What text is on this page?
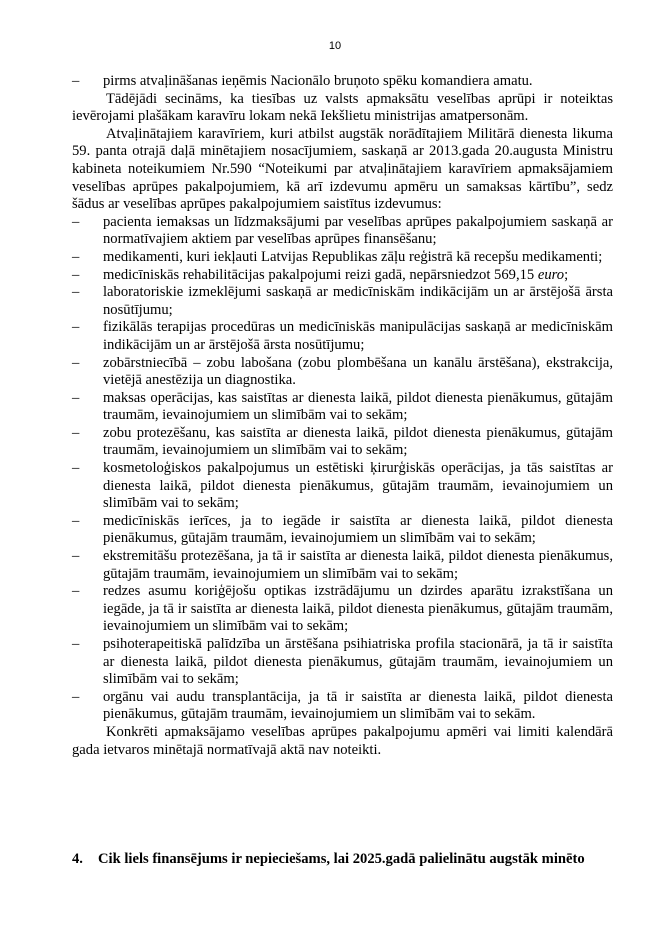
10
– pirms atvaļināšanas ieņēmis Nacionālo bruņoto spēku komandiera amatu.

Tādējādi secināms, ka tiesības uz valsts apmaksātu veselības aprūpi ir noteiktas ievērojami plašākam karavīru lokam nekā Iekšlietu ministrijas amatpersonām.

Atvaļinātajiem karavīriem, kuri atbilst augstāk norādītajiem Militārā dienesta likuma 59. panta otrajā daļā minētajiem nosacījumiem, saskaņā ar 2013.gada 20.augusta Ministru kabineta noteikumiem Nr.590 “Noteikumi par atvaļinātajiem karavīriem apmaksājamiem veselības aprūpes pakalpojumiem, kā arī izdevumu apmēru un samaksas kārtību”, sedz šādus ar veselības aprūpes pakalpojumiem saistītus izdevumus:

– pacienta iemaksas un līdzmaksājumi par veselības aprūpes pakalpojumiem saskaņā ar normatīvajiem aktiem par veselības aprūpes finansēšanu;
– medikamenti, kuri iekļauti Latvijas Republikas zāļu reģistrā kā recepšu medikamenti;
– medicīniskās rehabilitācijas pakalpojumi reizi gadā, nepārsniedzot 569,15 euro;
– laboratoriskie izmeklējumi saskaņā ar medicīniskām indikācijām un ar ārstējošā ārsta nosūtījumu;
– fizikālās terapijas procedūras un medicīniskās manipulācijas saskaņā ar medicīniskām indikācijām un ar ārstējošā ārsta nosūtījumu;
– zobārstniecībā – zobu labošana (zobu plombēšana un kanālu ārstēšana), ekstrakcija, vietējā anestēzija un diagnostika.
– maksas operācijas, kas saistītas ar dienesta laikā, pildot dienesta pienākumus, gūtajām traumām, ievainojumiem un slimībām vai to sekām;
– zobu protezēšanu, kas saistīta ar dienesta laikā, pildot dienesta pienākumus, gūtajām traumām, ievainojumiem un slimībām vai to sekām;
– kosmetoloģiskos pakalpojumus un estētiski ķirurģiskās operācijas, ja tās saistītas ar dienesta laikā, pildot dienesta pienākumus, gūtajām traumām, ievainojumiem un slimībām vai to sekām;
– medicīniskās ierīces, ja to iegāde ir saistīta ar dienesta laikā, pildot dienesta pienākumus, gūtajām traumām, ievainojumiem un slimībām vai to sekām;
– ekstremitāšu protezēšana, ja tā ir saistīta ar dienesta laikā, pildot dienesta pienākumus, gūtajām traumām, ievainojumiem un slimībām vai to sekām;
– redzes asumu koriģējošu optikas izstrādājumu un dzirdes aparātu izrakstīšana un iegāde, ja tā ir saistīta ar dienesta laikā, pildot dienesta pienākumus, gūtajām traumām, ievainojumiem un slimībām vai to sekām;
– psihoterapeitiskā palīdzība un ārstēšana psihiatriska profila stacionārā, ja tā ir saistīta ar dienesta laikā, pildot dienesta pienākumus, gūtajām traumām, ievainojumiem un slimībām vai to sekām;
– orgānu vai audu transplantācija, ja tā ir saistīta ar dienesta laikā, pildot dienesta pienākumus, gūtajām traumām, ievainojumiem un slimībām vai to sekām.

Konkrēti apmaksājamo veselības aprūpes pakalpojumu apmēri vai limiti kalendārā gada ietvaros minētajā normatīvajā aktā nav noteikti.

4. Cik liels finansējums ir nepieciešams, lai 2025.gadā palielinātu augstāk minēto
